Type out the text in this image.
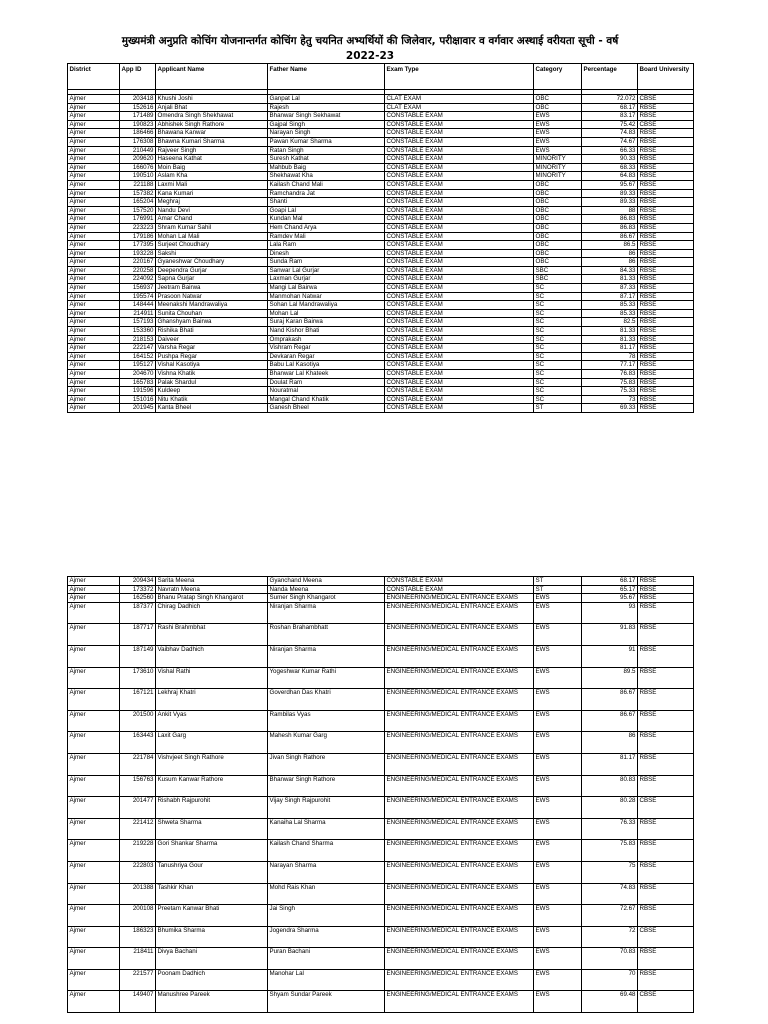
मुख्यमंत्री अनुप्रति कोचिंग योजनान्तर्गत कोचिंग हेतु चयनित अभ्यर्थियों की जिलेवार, परीक्षावार व वर्गवार अस्थाई वरीयता सूची - वर्ष
2022-23
District	App ID	Applicant Name	Father Name	Exam Type	Category	Percentage	Board University

Ajmer	203418	Khushi Joshi	Ganpat Lal	CLAT EXAM	OBC	72.072	CBSE
Ajmer	152616	Anjali Bhat	Rajesh	CLAT EXAM	OBC	68.17	RBSE
Ajmer	171489	Omendra Singh Shekhawat	Bhanwar Singh Sekhawat	CONSTABLE EXAM	EWS	83.17	RBSE
Ajmer	190823	Abhishek Singh Rathore	Gajpal Singh	CONSTABLE EXAM	EWS	75.42	CBSE
Ajmer	186466	Bhawana Kanwar	Narayan Singh	CONSTABLE EXAM	EWS	74.83	RBSE
Ajmer	176308	Bhawna Kumari Sharma	Pawan Kumar Sharma	CONSTABLE EXAM	EWS	74.67	RBSE
Ajmer	210449	Rajveer Singh	Ratan Singh	CONSTABLE EXAM	EWS	66.33	RBSE
Ajmer	209620	Haseena Kathat	Suresh Kathat	CONSTABLE EXAM	MINORITY	90.33	RBSE
Ajmer	166076	Moin Baig	Mahbub Baig	CONSTABLE EXAM	MINORITY	68.33	RBSE
Ajmer	190510	Aslam Kha	Shekhawat Kha	CONSTABLE EXAM	MINORITY	64.83	RBSE
Ajmer	221188	Laxmi Mali	Kailash Chand Mali	CONSTABLE EXAM	OBC	95.67	RBSE
Ajmer	157382	Kana Kumari	Ramchandra Jat	CONSTABLE EXAM	OBC	89.33	RBSE
Ajmer	165204	Meghraj	Shanti	CONSTABLE EXAM	OBC	89.33	RBSE
Ajmer	157520	Nandu Devi	Goapi Lal	CONSTABLE EXAM	OBC	88	RBSE
Ajmer	176991	Amar Chand	Kundan Mal	CONSTABLE EXAM	OBC	86.83	RBSE
Ajmer	223223	Shram Kumar Sahil	Hem Chand Arya	CONSTABLE EXAM	OBC	86.83	RBSE
Ajmer	179186	Mohan Lal Mali	Ramdev Mali	CONSTABLE EXAM	OBC	86.67	RBSE
Ajmer	177395	Surjeet Choudhary	Lala Ram	CONSTABLE EXAM	OBC	86.5	RBSE
Ajmer	193228	Sakshi	Dinesh	CONSTABLE EXAM	OBC	86	RBSE
Ajmer	220167	Gyaneshwar Choudhary	Sunda Ram	CONSTABLE EXAM	OBC	86	RBSE
Ajmer	220258	Deependra Gurjar	Sanwar Lal Gurjar	CONSTABLE EXAM	SBC	84.33	RBSE
Ajmer	224092	Sapna Gurjar	Laxman Gurjar	CONSTABLE EXAM	SBC	81.33	RBSE
Ajmer	156937	Jeetram Bairwa	Mangi Lal Bairwa	CONSTABLE EXAM	SC	87.33	RBSE
Ajmer	195574	Prasoon Natwar	Manmohan Natwar	CONSTABLE EXAM	SC	87.17	RBSE
Ajmer	148444	Meenakshi Mandrawaliya	Sohan Lal Mandrawaliya	CONSTABLE EXAM	SC	85.33	RBSE
Ajmer	214911	Sunita Chouhan	Mohan Lal	CONSTABLE EXAM	SC	85.33	RBSE
Ajmer	157193	Ghanshyam Bairwa	Suraj Karan Bairwa	CONSTABLE EXAM	SC	82.5	RBSE
Ajmer	153360	Rishika Bhati	Nand Kishor Bhati	CONSTABLE EXAM	SC	81.33	RBSE
Ajmer	218153	Daiveer	Omprakash	CONSTABLE EXAM	SC	81.33	RBSE
Ajmer	222147	Varsha Regar	Vishram Regar	CONSTABLE EXAM	SC	81.17	RBSE
Ajmer	164152	Pushpa Regar	Devkaran Regar	CONSTABLE EXAM	SC	78	RBSE
Ajmer	195127	Vishal Kasotiya	Babu Lal Kasotiya	CONSTABLE EXAM	SC	77.17	RBSE
Ajmer	204670	Vishna Khatik	Bhanwar Lal Khateek	CONSTABLE EXAM	SC	76.83	RBSE
Ajmer	165783	Palak Shardul	Doulat Ram	CONSTABLE EXAM	SC	75.83	RBSE
Ajmer	191596	Kuldeep	Nouratmal	CONSTABLE EXAM	SC	75.33	RBSE
Ajmer	151016	Nitu Khatik	Mangal Chand Khatik	CONSTABLE EXAM	SC	73	RBSE
Ajmer	201945	Kanta Bheel	Ganesh Bheel	CONSTABLE EXAM	ST	69.33	RBSE
Ajmer	209434	Sarita Meena	Gyanchand Meena	CONSTABLE EXAM	ST	68.17	RBSE
Ajmer	173372	Navratn Meena	Nanda Meena	CONSTABLE EXAM	ST	65.17	RBSE
Ajmer	162560	Bhanu Pratap Singh Khangarot	Sumer Singh Khangarot	ENGINEERING/MEDICAL ENTRANCE EXAMS	EWS	95.67	RBSE
Ajmer	187377	Chirag Dadhich	Niranjan Sharma	ENGINEERING/MEDICAL ENTRANCE EXAMS	EWS	93	RBSE
Ajmer	187717	Rashi Brahmbhat	Roshan Brahambhatt	ENGINEERING/MEDICAL ENTRANCE EXAMS	EWS	91.83	RBSE
Ajmer	187149	Vaibhav Dadhich	Niranjan Sharma	ENGINEERING/MEDICAL ENTRANCE EXAMS	EWS	91	RBSE
Ajmer	173610	Vishal Rathi	Yogeshwar Kumar Rathi	ENGINEERING/MEDICAL ENTRANCE EXAMS	EWS	89.5	RBSE
Ajmer	167121	Lekhraj Khatri	Goverdhan Das Khatri	ENGINEERING/MEDICAL ENTRANCE EXAMS	EWS	86.67	RBSE
Ajmer	201500	Ankit Vyas	Rambilas Vyas	ENGINEERING/MEDICAL ENTRANCE EXAMS	EWS	86.67	RBSE
Ajmer	163443	Laxit Garg	Mahesh Kumar Garg	ENGINEERING/MEDICAL ENTRANCE EXAMS	EWS	86	RBSE
Ajmer	221784	Vishvjeet Singh Rathore	Jivan Singh Rathore	ENGINEERING/MEDICAL ENTRANCE EXAMS	EWS	81.17	RBSE
Ajmer	156763	Kusum Kanwar Rathore	Bhanwar Singh Rathore	ENGINEERING/MEDICAL ENTRANCE EXAMS	EWS	80.83	RBSE
Ajmer	201477	Rishabh Rajpurohit	Vijay Singh Rajpurohit	ENGINEERING/MEDICAL ENTRANCE EXAMS	EWS	80.28	CBSE
Ajmer	221412	Shweta Sharma	Kanaiha Lal Sharma	ENGINEERING/MEDICAL ENTRANCE EXAMS	EWS	76.33	RBSE
Ajmer	219228	Gori Shankar Sharma	Kailash Chand Sharma	ENGINEERING/MEDICAL ENTRANCE EXAMS	EWS	75.83	RBSE
Ajmer	222803	Tanushriya Gour	Narayan Sharma	ENGINEERING/MEDICAL ENTRANCE EXAMS	EWS	75	RBSE
Ajmer	201388	Tashkir Khan	Mohd Rais Khan	ENGINEERING/MEDICAL ENTRANCE EXAMS	EWS	74.83	RBSE
Ajmer	200108	Preetam Kanwar Bhati	Jai Singh	ENGINEERING/MEDICAL ENTRANCE EXAMS	EWS	72.67	RBSE
Ajmer	186323	Bhumika Sharma	Jogendra Sharma	ENGINEERING/MEDICAL ENTRANCE EXAMS	EWS	72	CBSE
Ajmer	218411	Divya Bachani	Puran Bachani	ENGINEERING/MEDICAL ENTRANCE EXAMS	EWS	70.83	RBSE
Ajmer	221577	Poonam Dadhich	Manohar Lal	ENGINEERING/MEDICAL ENTRANCE EXAMS	EWS	70	RBSE
Ajmer	149407	Manushree Pareek	Shyam Sundar Pareek	ENGINEERING/MEDICAL ENTRANCE EXAMS	EWS	69.48	CBSE
